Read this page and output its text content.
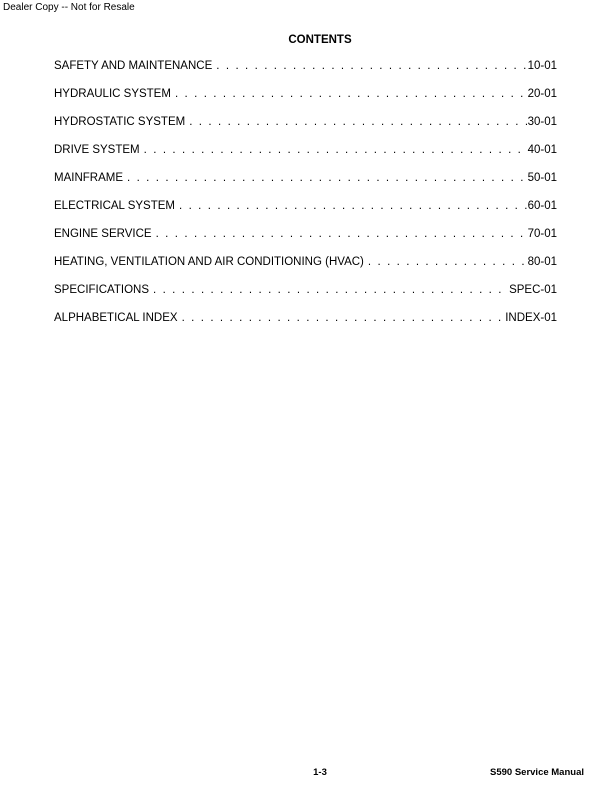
Dealer Copy -- Not for Resale
CONTENTS
SAFETY AND MAINTENANCE . . .	10-01
HYDRAULIC SYSTEM . . .	20-01
HYDROSTATIC SYSTEM . . .	30-01
DRIVE SYSTEM . . .	40-01
MAINFRAME . . .	50-01
ELECTRICAL SYSTEM . . .	60-01
ENGINE SERVICE . . .	70-01
HEATING, VENTILATION AND AIR CONDITIONING (HVAC) . . .	80-01
SPECIFICATIONS . . .	SPEC-01
ALPHABETICAL INDEX . . .	INDEX-01
1-3	S590 Service Manual
